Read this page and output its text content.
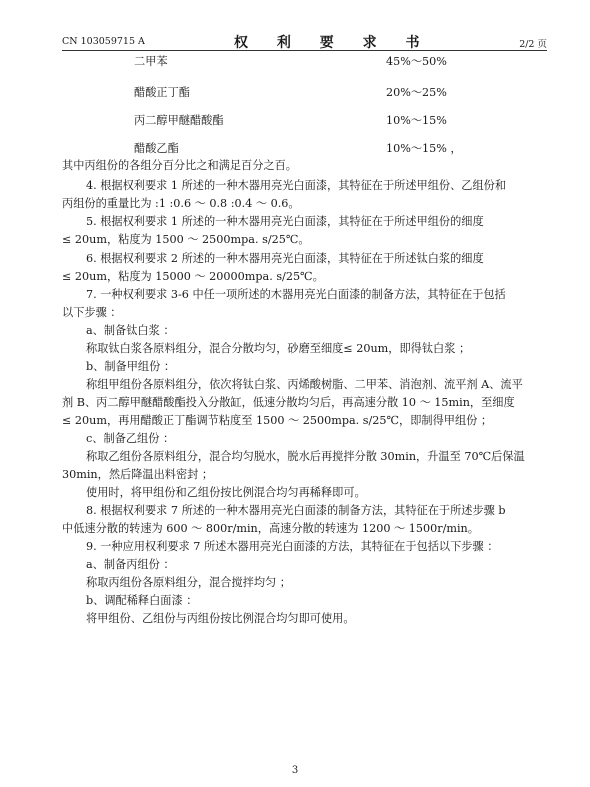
CN 103059715 A	权 利 要 求 书	2/2 页
二甲苯	45%～50%
醋酸正丁酯	20%～25%
丙二醇甲醚醋酸酯	10%～15%
醋酸乙酯	10%～15% ，
其中丙组份的各组分百分比之和满足百分之百。
4. 根据权利要求 1 所述的一种木器用亮光白面漆，其特征在于所述甲组份、乙组份和
丙组份的重量比为 :1 :0.6 ～ 0.8 :0.4 ～ 0.6。
5. 根据权利要求 1 所述的一种木器用亮光白面漆，其特征在于所述甲组份的细度
≤ 20um，粘度为 1500 ～ 2500mpa. s/25℃。
6. 根据权利要求 2 所述的一种木器用亮光白面漆，其特征在于所述钛白浆的细度
≤ 20um，粘度为 15000 ～ 20000mpa. s/25℃。
7. 一种权利要求 3-6 中任一项所述的木器用亮光白面漆的制备方法，其特征在于包括
以下步骤 ：
a、制备钛白浆 ：
称取钛白浆各原料组分，混合分散均匀，砂磨至细度≤ 20um，即得钛白浆 ；
b、制备甲组份 ：
称组甲组份各原料组分，依次将钛白浆、丙烯酸树脂、二甲苯、消泡剂、流平剂 A、流平
剂 B、丙二醇甲醚醋酸酯投入分散缸，低速分散均匀后，再高速分散 10 ～ 15min，至细度
≤ 20um，再用醋酸正丁酯调节粘度至 1500 ～ 2500mpa. s/25℃，即制得甲组份 ；
c、制备乙组份 ：
称取乙组份各原料组分，混合均匀脱水，脱水后再搅拌分散 30min，升温至 70℃后保温
30min，然后降温出料密封 ；
使用时，将甲组份和乙组份按比例混合均匀再稀释即可。
8. 根据权利要求 7 所述的一种木器用亮光白面漆的制备方法，其特征在于所述步骤 b
中低速分散的转速为 600 ～ 800r/min，高速分散的转速为 1200 ～ 1500r/min。
9. 一种应用权利要求 7 所述木器用亮光白面漆的方法，其特征在于包括以下步骤 ：
a、制备丙组份 ：
称取丙组份各原料组分，混合搅拌均匀 ；
b、调配稀释白面漆 ：
将甲组份、乙组份与丙组份按比例混合均匀即可使用。
3
